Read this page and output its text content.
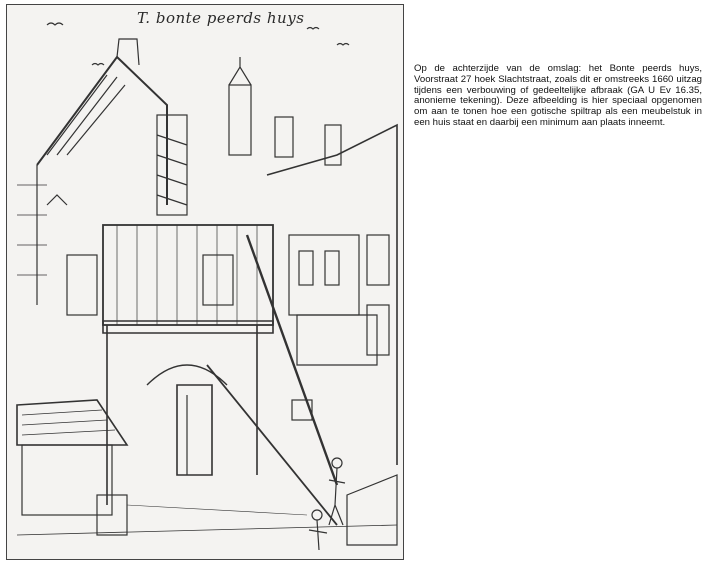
T. bonte peerds huys

Op de achterzijde van de omslag: het Bonte peerds huys, Voorstraat 27 hoek Slachtstraat, zoals dit er omstreeks 1660 uitzag tijdens een verbouwing of gedeeltelijke afbraak (GA U Ev 16.35, anonieme tekening). Deze afbeelding is hier speciaal opgenomen om aan te tonen hoe een gotische spiltrap als een meubelstuk in een huis staat en daarbij een minimum aan plaats inneemt.
